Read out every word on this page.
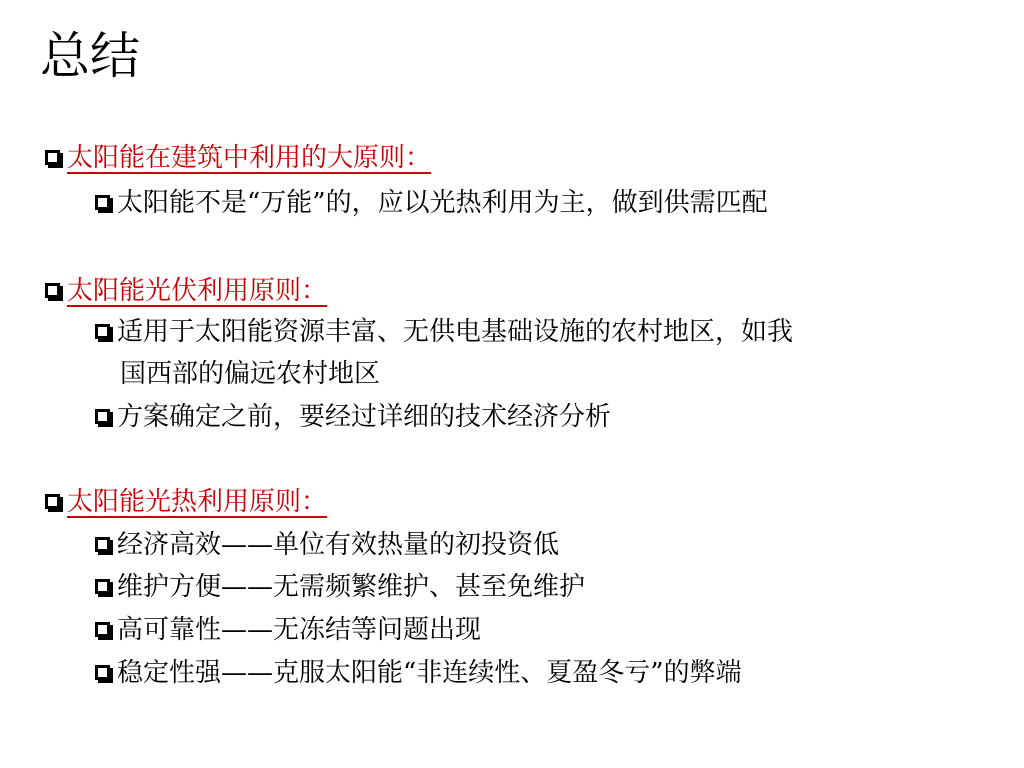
总结
太阳能在建筑中利用的大原则：
太阳能不是“万能”的，应以光热利用为主，做到供需匹配
太阳能光伏利用原则：
适用于太阳能资源丰富、无供电基础设施的农村地区，如我
国西部的偏远农村地区
方案确定之前，要经过详细的技术经济分析
太阳能光热利用原则：
经济高效——单位有效热量的初投资低
维护方便——无需频繁维护、甚至免维护
高可靠性——无冻结等问题出现
稳定性强——克服太阳能“非连续性、夏盈冬亏”的弊端
